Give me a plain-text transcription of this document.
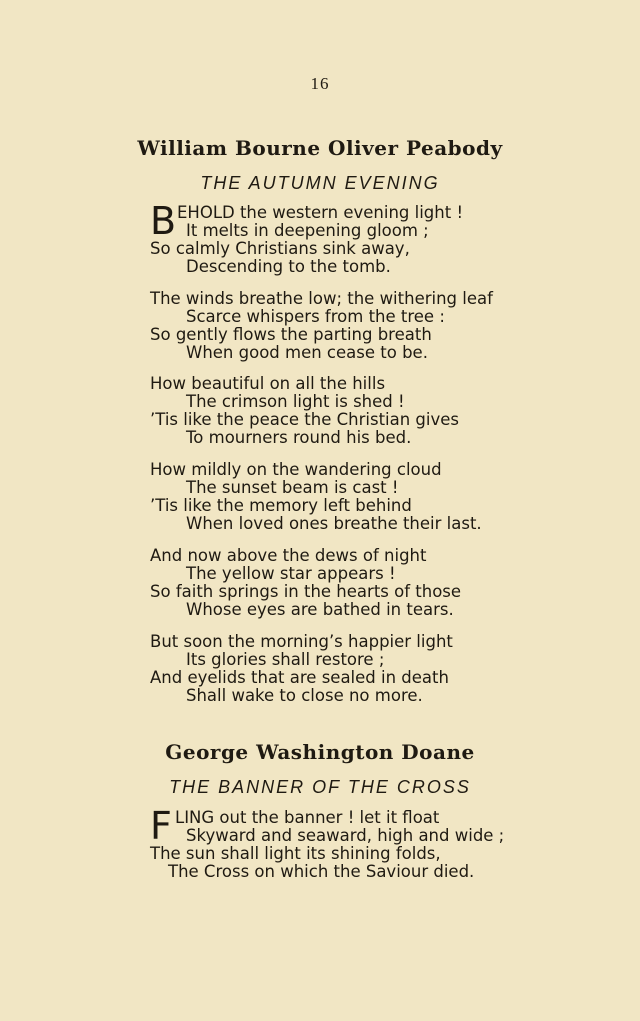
16
William Bourne Oliver Peabody
THE AUTUMN EVENING
B EHOLD the western evening light !
It melts in deepening gloom ;
So calmly Christians sink away,
Descending to the tomb.
The winds breathe low; the withering leaf
Scarce whispers from the tree :
So gently flows the parting breath
When good men cease to be.
How beautiful on all the hills
The crimson light is shed !
’Tis like the peace the Christian gives
To mourners round his bed.
How mildly on the wandering cloud
The sunset beam is cast !
’Tis like the memory left behind
When loved ones breathe their last.
And now above the dews of night
The yellow star appears !
So faith springs in the hearts of those
Whose eyes are bathed in tears.
But soon the morning’s happier light
Its glories shall restore ;
And eyelids that are sealed in death
Shall wake to close no more.
George Washington Doane
THE BANNER OF THE CROSS
F LING out the banner ! let it float
Skyward and seaward, high and wide ;
The sun shall light its shining folds,
The Cross on which the Saviour died.
